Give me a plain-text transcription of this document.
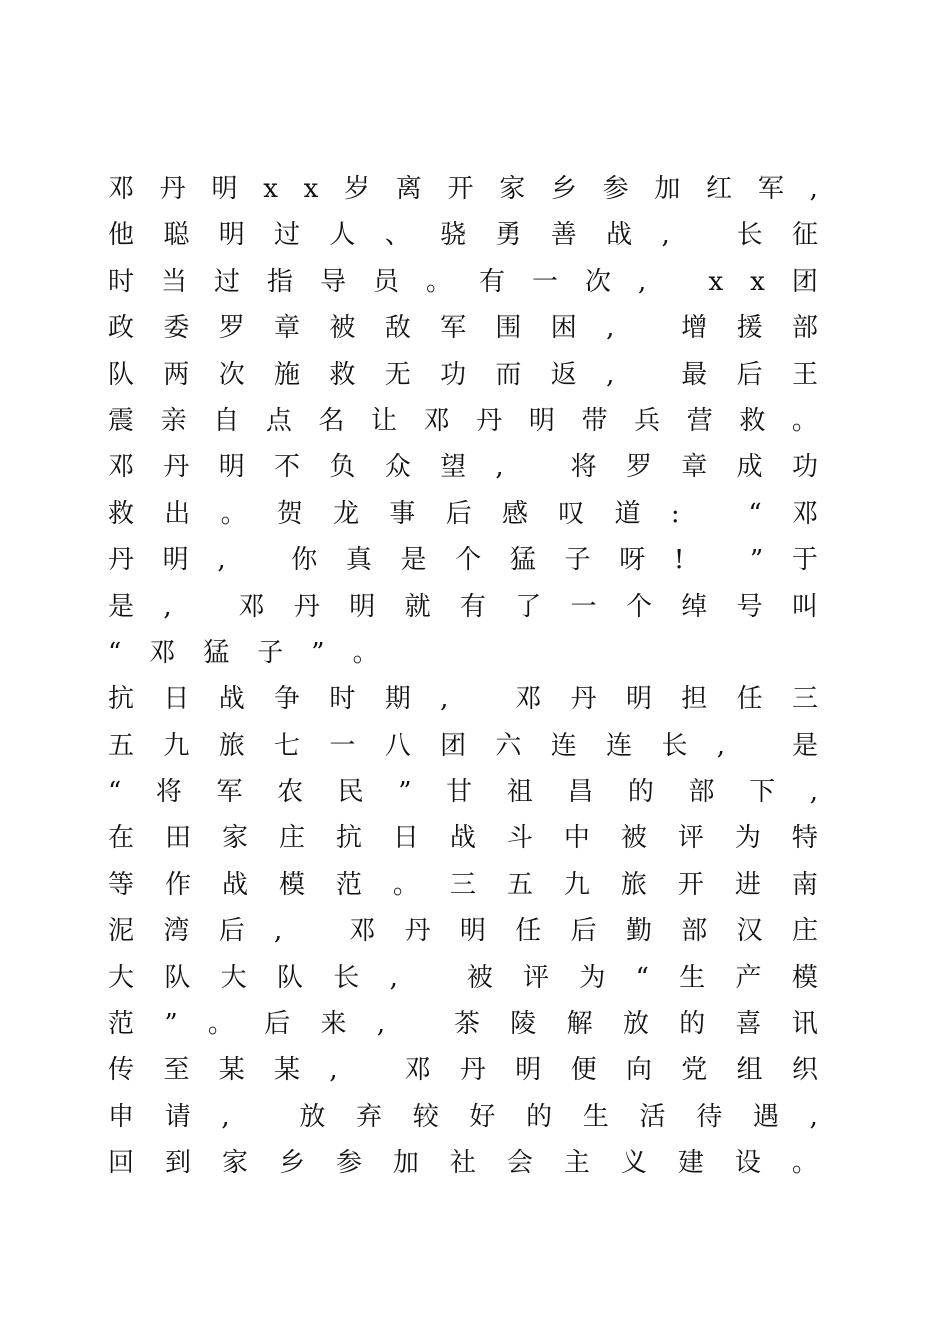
邓 丹 明 x x 岁 离 开 家 乡 参 加 红 军 ,
他 聪 明 过 人 、 骁 勇 善 战 ,
	长 征
时 当 过 指 导 员 。 有 一 次 ,
x x 团
政 委 罗 章 被 敌 军 围 困 ,
	增 援 部
队 两 次 施 救 无 功 而 返 ,
	最 后 王
震 亲 自 点 名 让 邓 丹 明 带 兵 营 救 。
邓 丹 明 不 负 众 望 ,
	将 罗 章 成 功
救 出 。 贺 龙 事 后 感 叹 道 :
	“ 邓
丹 明 ,
	你 真 是 个 猛 子 呀 !
	” 于
是 ,
	邓 丹 明 就 有 了 一 个 绰 号 叫
“邓猛子”。
抗 日 战 争 时 期 ,
	邓 丹 明 担 任 三
五 九 旅 七 一 八 团 六 连 连 长 ,
	是
“ 将 军 农 民 ” 甘 祖 昌 的 部 下 ,
在 田 家 庄 抗 日 战 斗 中 被 评 为 特
等 作 战 模 范 。 三 五 九 旅 开 进 南
泥 湾 后 ,
	邓 丹 明 任 后 勤 部 汉 庄
大 队 大 队 长 ,
	被 评 为 “ 生 产 模
范 ” 。 后 来 ,
	茶 陵 解 放 的 喜 讯
传 至 某 某 ,
	邓 丹 明 便 向 党 组 织
申 请 ,
	放 弃 较 好 的 生 活 待 遇 ,
回 到 家 乡 参 加 社 会 主 义 建 设 。
